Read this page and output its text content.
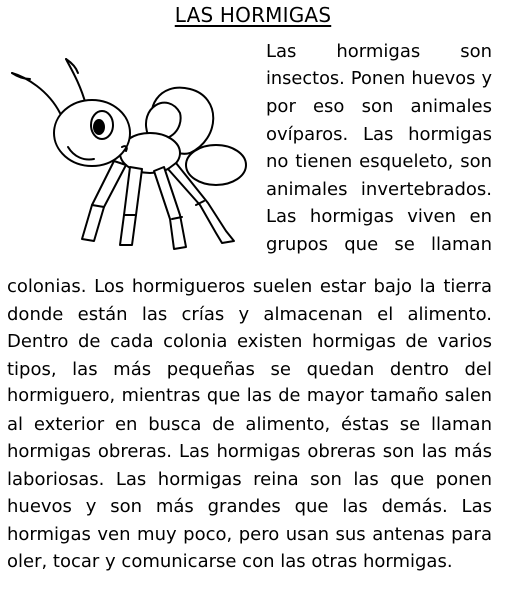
LAS HORMIGAS
Las hormigas son
insectos. Ponen huevos y
por eso son animales
ovíparos. Las hormigas
no tienen esqueleto, son
animales invertebrados.
Las hormigas viven en
grupos que se llaman
colonias. Los hormigueros suelen estar bajo la tierra
donde están las crías y almacenan el alimento.
Dentro de cada colonia existen hormigas de varios
tipos, las más pequeñas se quedan dentro del
hormiguero, mientras que las de mayor tamaño salen
al exterior en busca de alimento, éstas se llaman
hormigas obreras. Las hormigas obreras son las más
laboriosas. Las hormigas reina son las que ponen
huevos y son más grandes que las demás. Las
hormigas ven muy poco, pero usan sus antenas para
oler, tocar y comunicarse con las otras hormigas.
